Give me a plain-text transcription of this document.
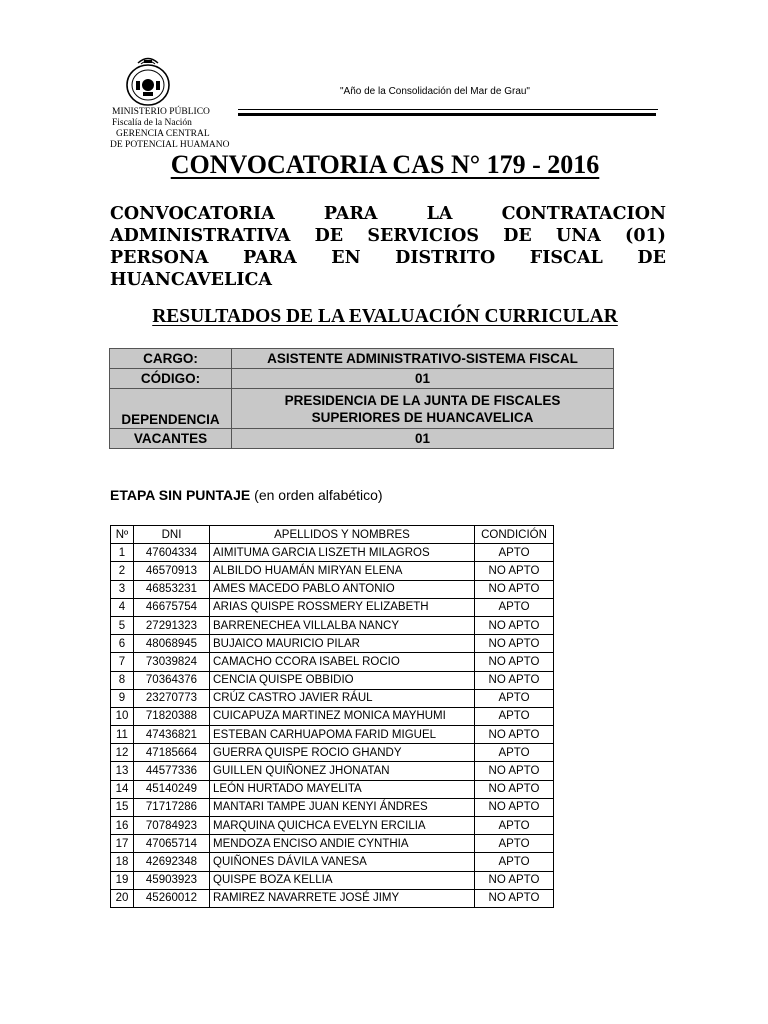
MINISTERIO PÚBLICO
Fiscalía de la Nación
GERENCIA CENTRAL
DE POTENCIAL HUAMANO
"Año de la Consolidación del Mar de Grau"
CONVOCATORIA CAS N° 179 - 2016
CONVOCATORIA	PARA	LA	CONTRATACION
ADMINISTRATIVA DE SERVICIOS DE UNA (01)
PERSONA PARA EN DISTRITO FISCAL DE
HUANCAVELICA
RESULTADOS DE LA EVALUACIÓN CURRICULAR
CARGO:	ASISTENTE ADMINISTRATIVO-SISTEMA FISCAL
CÓDIGO:	01
DEPENDENCIA	PRESIDENCIA DE LA JUNTA DE FISCALES
SUPERIORES DE HUANCAVELICA

VACANTES	01
ETAPA SIN PUNTAJE (en orden alfabético)
Nº	DNI	APELLIDOS Y NOMBRES	CONDICIÓN
1	47604334	AIMITUMA GARCIA LISZETH MILAGROS	APTO
2	46570913	ALBILDO HUAMÁN MIRYAN ELENA	NO APTO
3	46853231	AMES MACEDO PABLO ANTONIO	NO APTO
4	46675754	ARIAS QUISPE ROSSMERY ELIZABETH	APTO
5	27291323	BARRENECHEA VILLALBA NANCY	NO APTO
6	48068945	BUJAICO MAURICIO PILAR	NO APTO
7	73039824	CAMACHO CCORA ISABEL ROCIO	NO APTO
8	70364376	CENCIA QUISPE OBBIDIO	NO APTO
9	23270773	CRÚZ CASTRO JAVIER RÁUL	APTO
10	71820388	CUICAPUZA MARTINEZ MONICA MAYHUMI	APTO
11	47436821	ESTEBAN CARHUAPOMA FARID MIGUEL	NO APTO
12	47185664	GUERRA QUISPE ROCIO GHANDY	APTO
13	44577336	GUILLEN QUIÑONEZ JHONATAN	NO APTO
14	45140249	LEÓN HURTADO MAYELITA	NO APTO
15	71717286	MANTARI TAMPE JUAN KENYI ÁNDRES	NO APTO
16	70784923	MARQUINA QUICHCA EVELYN ERCILIA	APTO
17	47065714	MENDOZA ENCISO ANDIE CYNTHIA	APTO
18	42692348	QUIÑONES DÁVILA VANESA	APTO
19	45903923	QUISPE BOZA KELLIA	NO APTO
20	45260012	RAMIREZ NAVARRETE JOSÉ JIMY	NO APTO
